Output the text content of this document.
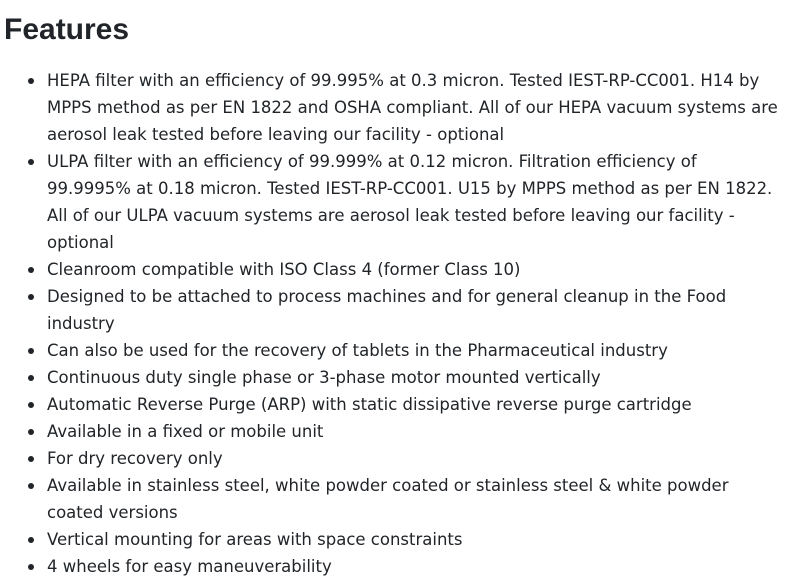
Features
HEPA filter with an efficiency of 99.995% at 0.3 micron. Tested IEST-RP-CC001. H14 by MPPS method as per EN 1822 and OSHA compliant. All of our HEPA vacuum systems are aerosol leak tested before leaving our facility - optional
ULPA filter with an efficiency of 99.999% at 0.12 micron. Filtration efficiency of 99.9995% at 0.18 micron. Tested IEST-RP-CC001. U15 by MPPS method as per EN 1822. All of our ULPA vacuum systems are aerosol leak tested before leaving our facility - optional
Cleanroom compatible with ISO Class 4 (former Class 10)
Designed to be attached to process machines and for general cleanup in the Food industry
Can also be used for the recovery of tablets in the Pharmaceutical industry
Continuous duty single phase or 3-phase motor mounted vertically
Automatic Reverse Purge (ARP) with static dissipative reverse purge cartridge
Available in a fixed or mobile unit
For dry recovery only
Available in stainless steel, white powder coated or stainless steel & white powder coated versions
Vertical mounting for areas with space constraints
4 wheels for easy maneuverability
